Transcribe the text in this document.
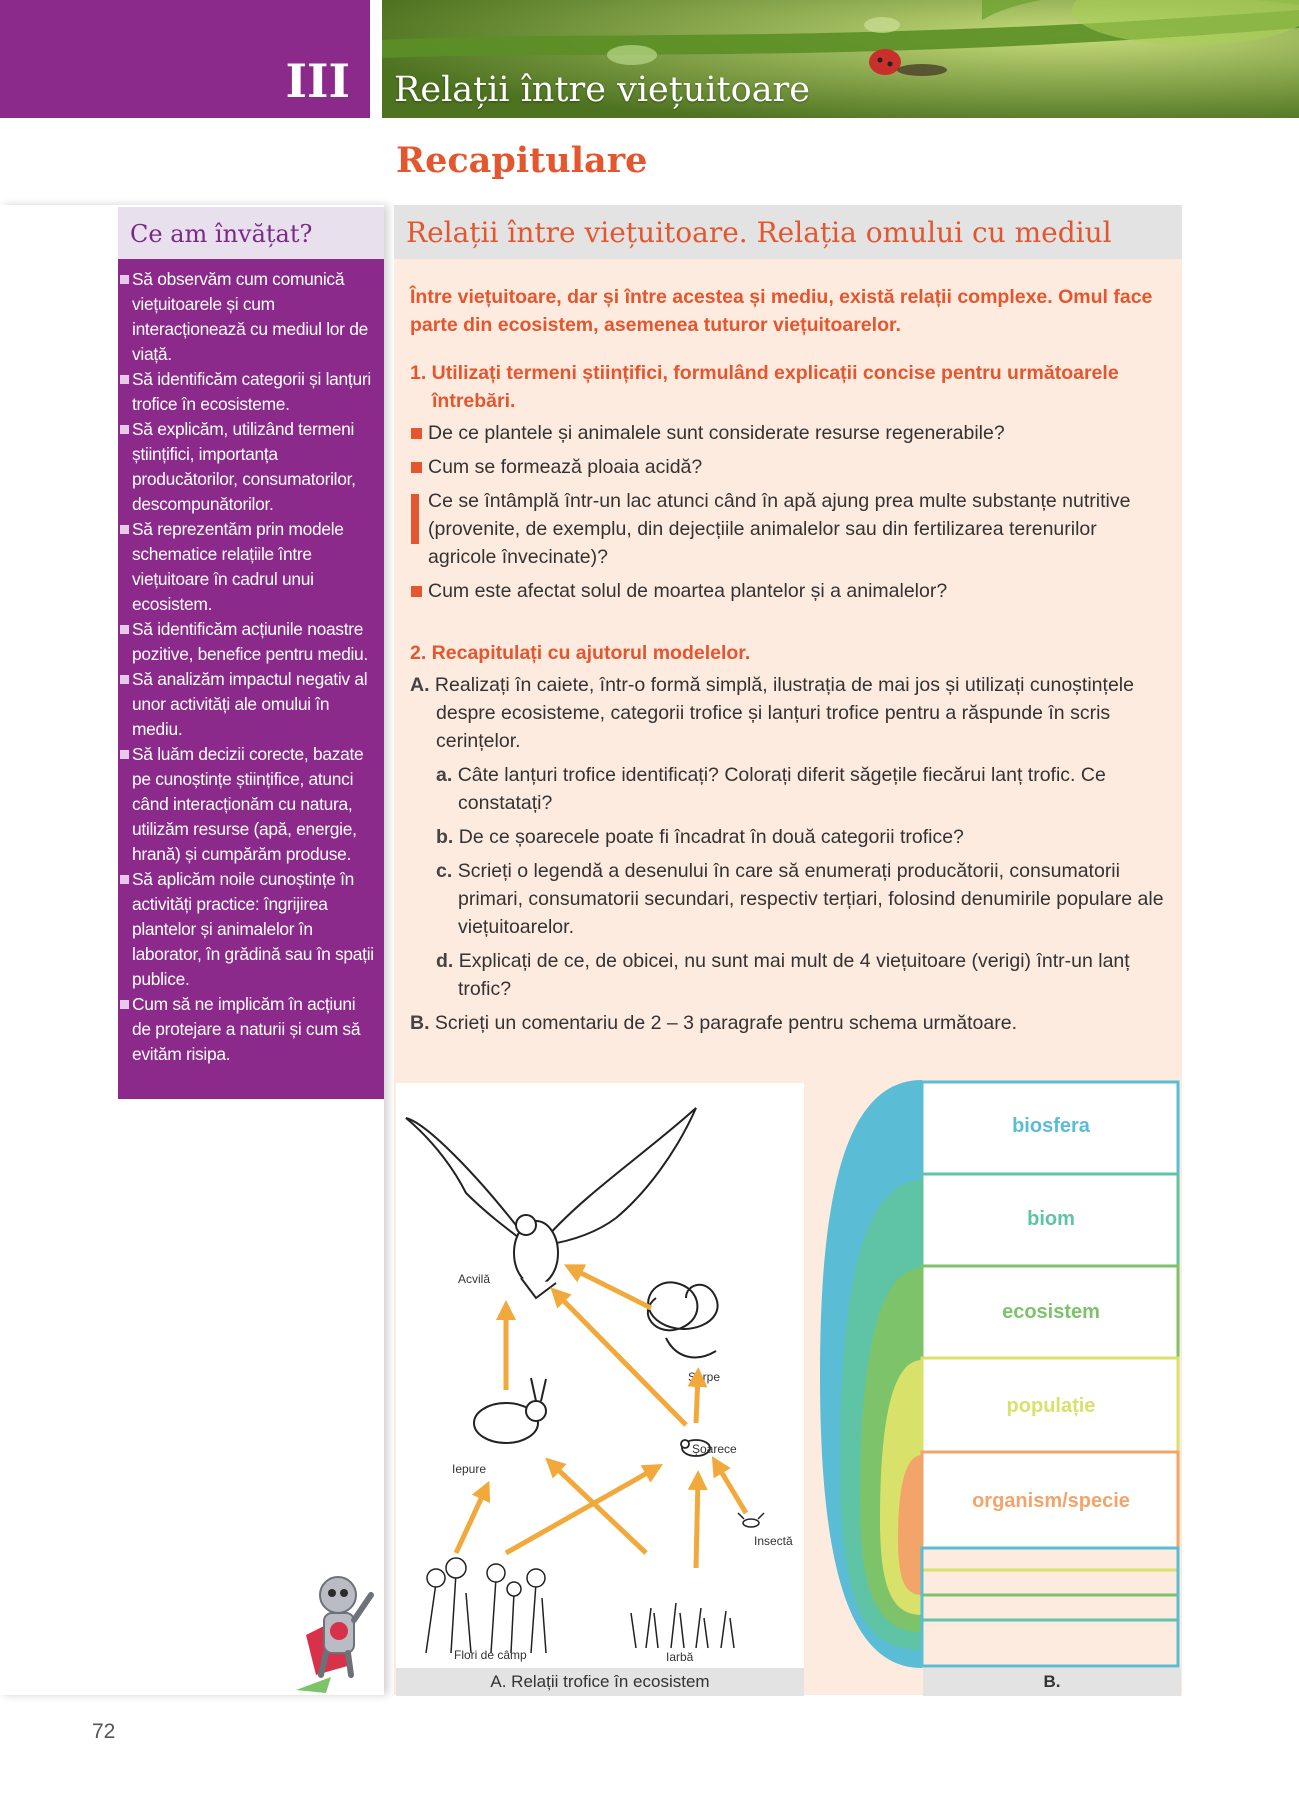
III Relații între viețuitoare
Recapitulare
Ce am învățat?
Să observăm cum comunică viețuitoarele și cum interacționează cu mediul lor de viață.
Să identificăm categorii și lanțuri trofice în ecosisteme.
Să explicăm, utilizând termeni științifici, importanța producătorilor, consumatorilor, descompunătorilor.
Să reprezentăm prin modele schematice relațiile între viețuitoare în cadrul unui ecosistem.
Să identificăm acțiunile noastre pozitive, benefice pentru mediu.
Să analizăm impactul negativ al unor activități ale omului în mediu.
Să luăm decizii corecte, bazate pe cunoștințe științifice, atunci când interacționăm cu natura, utilizăm resurse (apă, energie, hrană) și cumpărăm produse.
Să aplicăm noile cunoștințe în activități practice: îngrijirea plantelor și animalelor în laborator, în grădină sau în spații publice.
Cum să ne implicăm în acțiuni de protejare a naturii și cum să evităm risipa.
72
Relații între viețuitoare. Relația omului cu mediul

Între viețuitoare, dar și între acestea și mediu, există relații complexe. Omul face parte din ecosistem, asemenea tuturor viețuitoarelor.

1. Utilizați termeni științifici, formulând explicații concise pentru următoarele întrebări.

De ce plantele și animalele sunt considerate resurse regenerabile?

Cum se formează ploaia acidă?

Ce se întâmplă într-un lac atunci când în apă ajung prea multe substanțe nutritive (provenite, de exemplu, din dejecțiile animalelor sau din fertilizarea terenurilor agricole învecinate)?

Cum este afectat solul de moartea plantelor și a animalelor?

2. Recapitulați cu ajutorul modelelor.

A. Realizați în caiete, într-o formă simplă, ilustrația de mai jos și utilizați cunoștințele despre ecosisteme, categorii trofice și lanțuri trofice pentru a răspunde în scris cerințelor.

a. Câte lanțuri trofice identificați? Colorați diferit săgețile fiecărui lanț trofic. Ce constatați?

b. De ce șoarecele poate fi încadrat în două categorii trofice?

c. Scrieți o legendă a desenului în care să enumerați producătorii, consumatorii primari, consumatorii secundari, respectiv terțiari, folosind denumirile populare ale viețuitoarelor.

d. Explicați de ce, de obicei, nu sunt mai mult de 4 viețuitoare (verigi) într-un lanț trofic?

B. Scrieți un comentariu de 2 – 3 paragrafe pentru schema următoare.

Acvilă
Șarpe
Iepure
Șoarece
Insectă
Flori de câmp	Iarbă
A. Relații trofice în ecosistem
biosfera
biom
ecosistem
populație
organism/specie
B.
